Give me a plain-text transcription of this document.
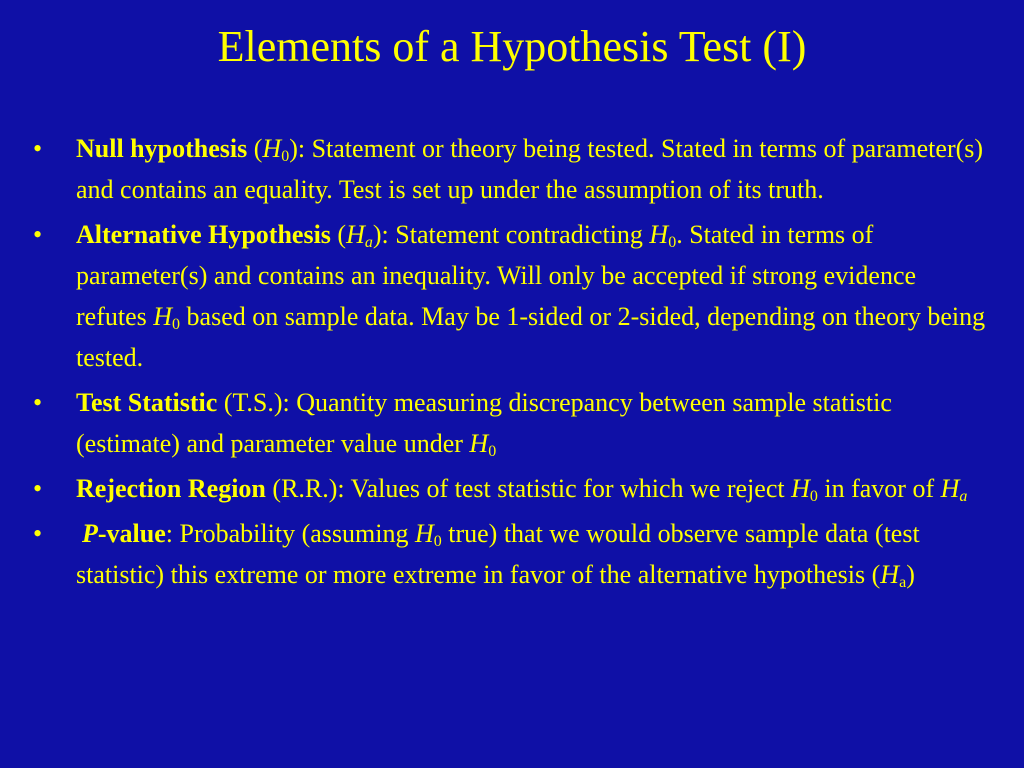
Elements of a Hypothesis Test (I)
• Null hypothesis $(H_0)$: Statement or theory being tested. Stated in terms of parameter(s) and contains an equality. Test is set up under the assumption of its truth.
• Alternative Hypothesis $(H_a)$: Statement contradicting $H_0$. Stated in terms of parameter(s) and contains an inequality. Will only be accepted if strong evidence refutes $H_0$ based on sample data. May be 1-sided or 2-sided, depending on theory being tested.
• Test Statistic (T.S.): Quantity measuring discrepancy between sample statistic (estimate) and parameter value under $H_0$
• Rejection Region (R.R.): Values of test statistic for which we reject $H_0$ in favor of $H_a$
• P-value: Probability (assuming $H_0$ true) that we would observe sample data (test statistic) this extreme or more extreme in favor of the alternative hypothesis $(H_a)$
